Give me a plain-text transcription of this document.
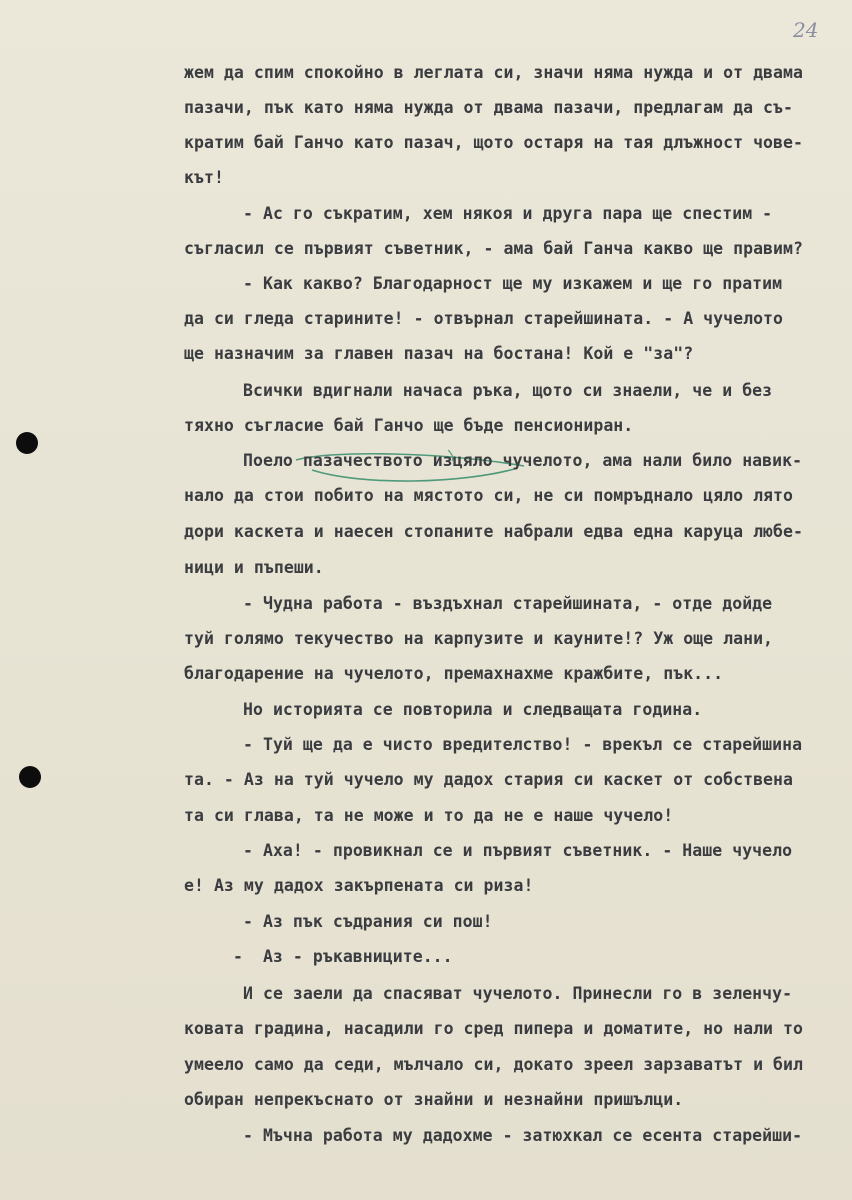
24
жем да спим спокойно в леглата си, значи няма нужда и от двама
пазачи, пък като няма нужда от двама пазачи, предлагам да съ-
кратим бай Ганчо като пазач, щото остаря на тая длъжност чове-
кът!
- Ас го съкратим, хем някоя и друга пара ще спестим -
съгласил се първият съветник, - ама бай Ганча какво ще правим?
- Как какво? Благодарност ще му изкажем и ще го пратим
да си гледа старините! - отвърнал старейшината. - А чучелото
ще назначим за главен пазач на бостана! Кой е "за"?
Всички вдигнали начаса ръка, щото си знаели, че и без
тяхно съгласие бай Ганчо ще бъде пенсиониран.
Поело пазачеството изцяло чучелото, ама нали било навик-
нало да стои побито на мястото си, не си помръднало цяло лято
дори каскета и наесен стопаните набрали едва една каруца любе-
ници и пъпеши.
- Чудна работа - въздъхнал старейшината, - отде дойде
туй голямо текучество на карпузите и кауните!? Уж още лани,
благодарение на чучелото, премахнахме кражбите, пък...
Но историята се повторила и следващата година.
- Туй ще да е чисто вредителство! - врекъл се старейшина
та. - Аз на туй чучело му дадох стария си каскет от собствена
та си глава, та не може и то да не е наше чучело!
- Аха! - провикнал се и първият съветник. - Наше чучело
е! Аз му дадох закърпената си риза!
- Аз пък съдрания си пош!
-  Аз - ръкавниците...
И се заели да спасяват чучелото. Принесли го в зеленчу-
ковата градина, насадили го сред пипера и доматите, но нали то
умеело само да седи, мълчало си, докато зреел зарзаватът и бил
обиран непрекъснато от знайни и незнайни пришълци.
- Мъчна работа му дадохме - затюхкал се есента старейши-
